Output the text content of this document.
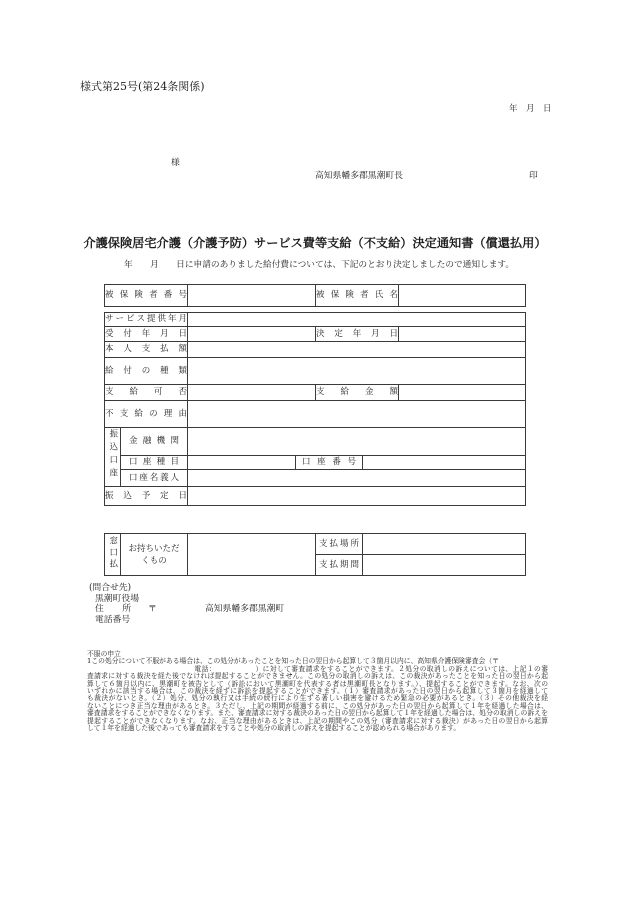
様式第25号(第24条関係)
年　月　日
様
高知県幡多郡黒潮町長	印
介護保険居宅介護（介護予防）サービス費等支給（不支給）決定通知書（償還払用）
年　　月　　日に申請のありました給付費については、下記のとおり決定しましたので通知します。
被保険者番号		被保険者氏名	
サービス提供年月						
受付年月日				決定年月日		
本人支払額						
給付の種類						
支給可否				支給金額		
不支給の理由						
振込口座	金融機関					
	口座種目		口座番号			
	口座名義人					
振込予定日						
窓口払	お持ちいただくもの		支払場所	
			支払期間	
(問合せ先)
黒潮町役場
住所 〒	高知県幡多郡黒潮町
電話番号
不服の申立
1この処分について不服がある場合は、この処分があったことを知った日の翌日から起算して３箇月以内に、高知県介護保険審査会（〒
　　　　　　　　　　　　　　　電話：　　　　　　）に対して審査請求をすることができます。２処分の取消しの訴えについては、上記１の審
査請求に対する裁決を経た後でなければ提起することができません。この処分の取消しの訴えは、この裁決があったことを知った日の翌日から起
算して６箇月以内に、黒潮町を被告として（訴訟において黒潮町を代表する者は黒潮町長となります。）、提起することができます。なお、次の
いずれかに該当する場合は、この裁決を経ずに訴訟を提起することができます。（１）審査請求があった日の翌日から起算して３箇月を経過して
も裁決がないとき。（２）処分、処分の執行又は手続の続行により生ずる著しい損害を避けるため緊急の必要があるとき。（３）その他裁決を経
ないことにつき正当な理由があるとき。３ただし、上記の期間が経過する前に、この処分があった日の翌日から起算して１年を経過した場合は、
審査請求をすることができなくなります。また、審査請求に対する裁決のあった日の翌日から起算して１年を経過した場合は、処分の取消しの訴えを
提起することができなくなります。なお、正当な理由があるときは、上記の期間やこの処分（審査請求に対する裁決）があった日の翌日から起算
して１年を経過した後であっても審査請求をすることや処分の取消しの訴えを提起することが認められる場合があります。
